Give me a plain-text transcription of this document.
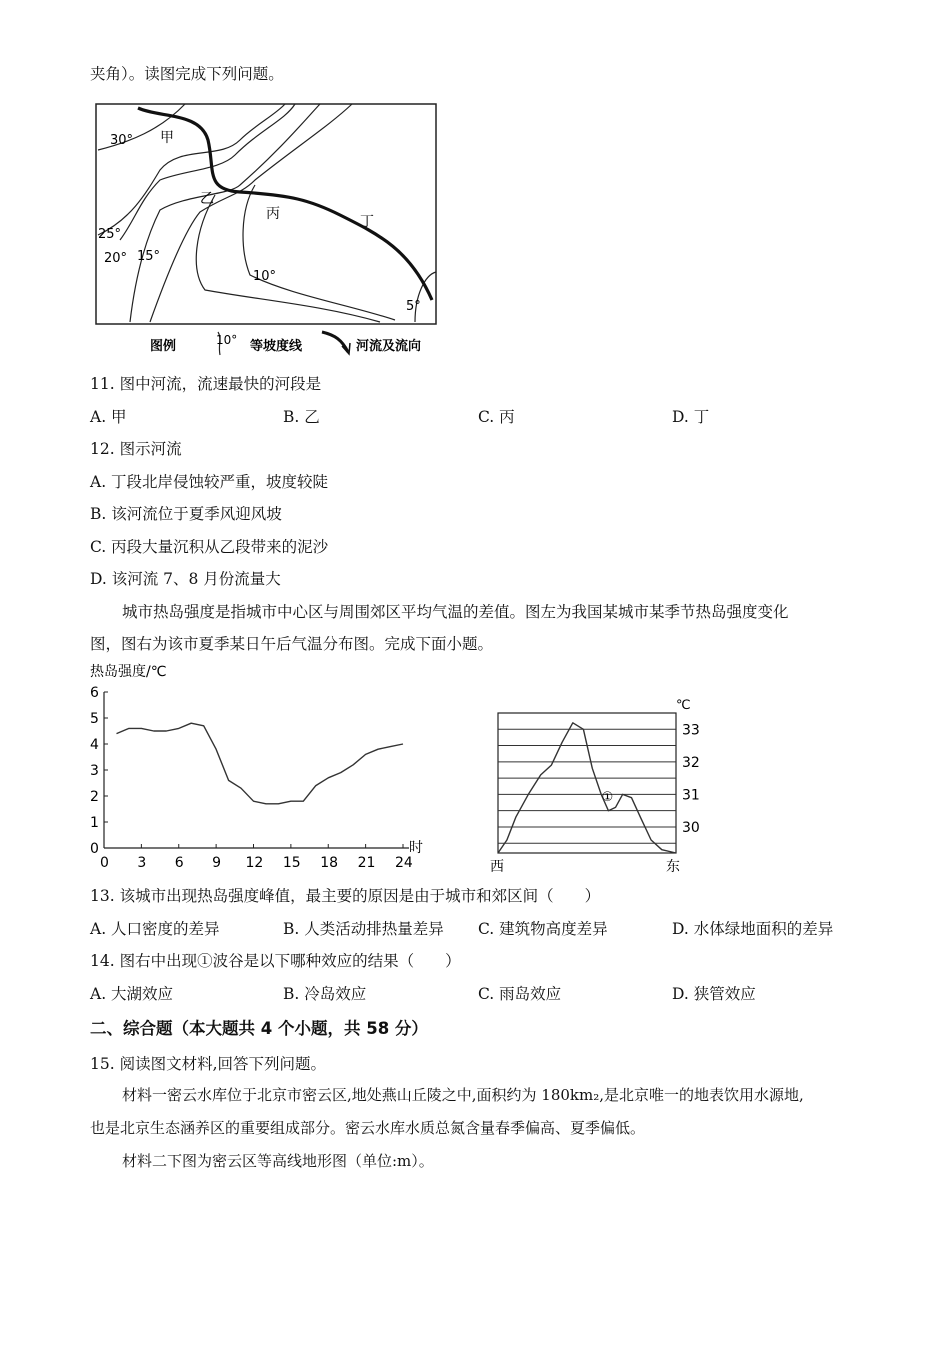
夹角）。读图完成下列问题。
30° 甲
乙
丙	丁
25°
20° 15°
10°
5°
图例	10° 等坡度线	河流及流向
11. 图中河流，流速最快的河段是
A. 甲	B. 乙	C. 丙	D. 丁
12. 图示河流
A. 丁段北岸侵蚀较严重，坡度较陡
B. 该河流位于夏季风迎风坡
C. 丙段大量沉积从乙段带来的泥沙
D. 该河流 7、8 月份流量大
城市热岛强度是指城市中心区与周围郊区平均气温的差值。图左为我国某城市某季节热岛强度变化
图，图右为该市夏季某日午后气温分布图。完成下面小题。
热岛强度/℃
0
1
2
3
4
5
6
0 3 6 9 12 15 18 21 24
时
℃
30
31
32
33
西	东
①
13. 该城市出现热岛强度峰值，最主要的原因是由于城市和郊区间（　　）
A. 人口密度的差异	B. 人类活动排热量差异 C. 建筑物高度差异	D. 水体绿地面积的差异
14. 图右中出现①波谷是以下哪种效应的结果（　　）
A. 大湖效应	B. 冷岛效应	C. 雨岛效应	D. 狭管效应
二、综合题（本大题共 4 个小题，共 58 分）
15. 阅读图文材料,回答下列问题。
材料一密云水库位于北京市密云区,地处燕山丘陵之中,面积约为 180km₂,是北京唯一的地表饮用水源地,
也是北京生态涵养区的重要组成部分。密云水库水质总氮含量春季偏高、夏季偏低。
材料二下图为密云区等高线地形图（单位:m）。
